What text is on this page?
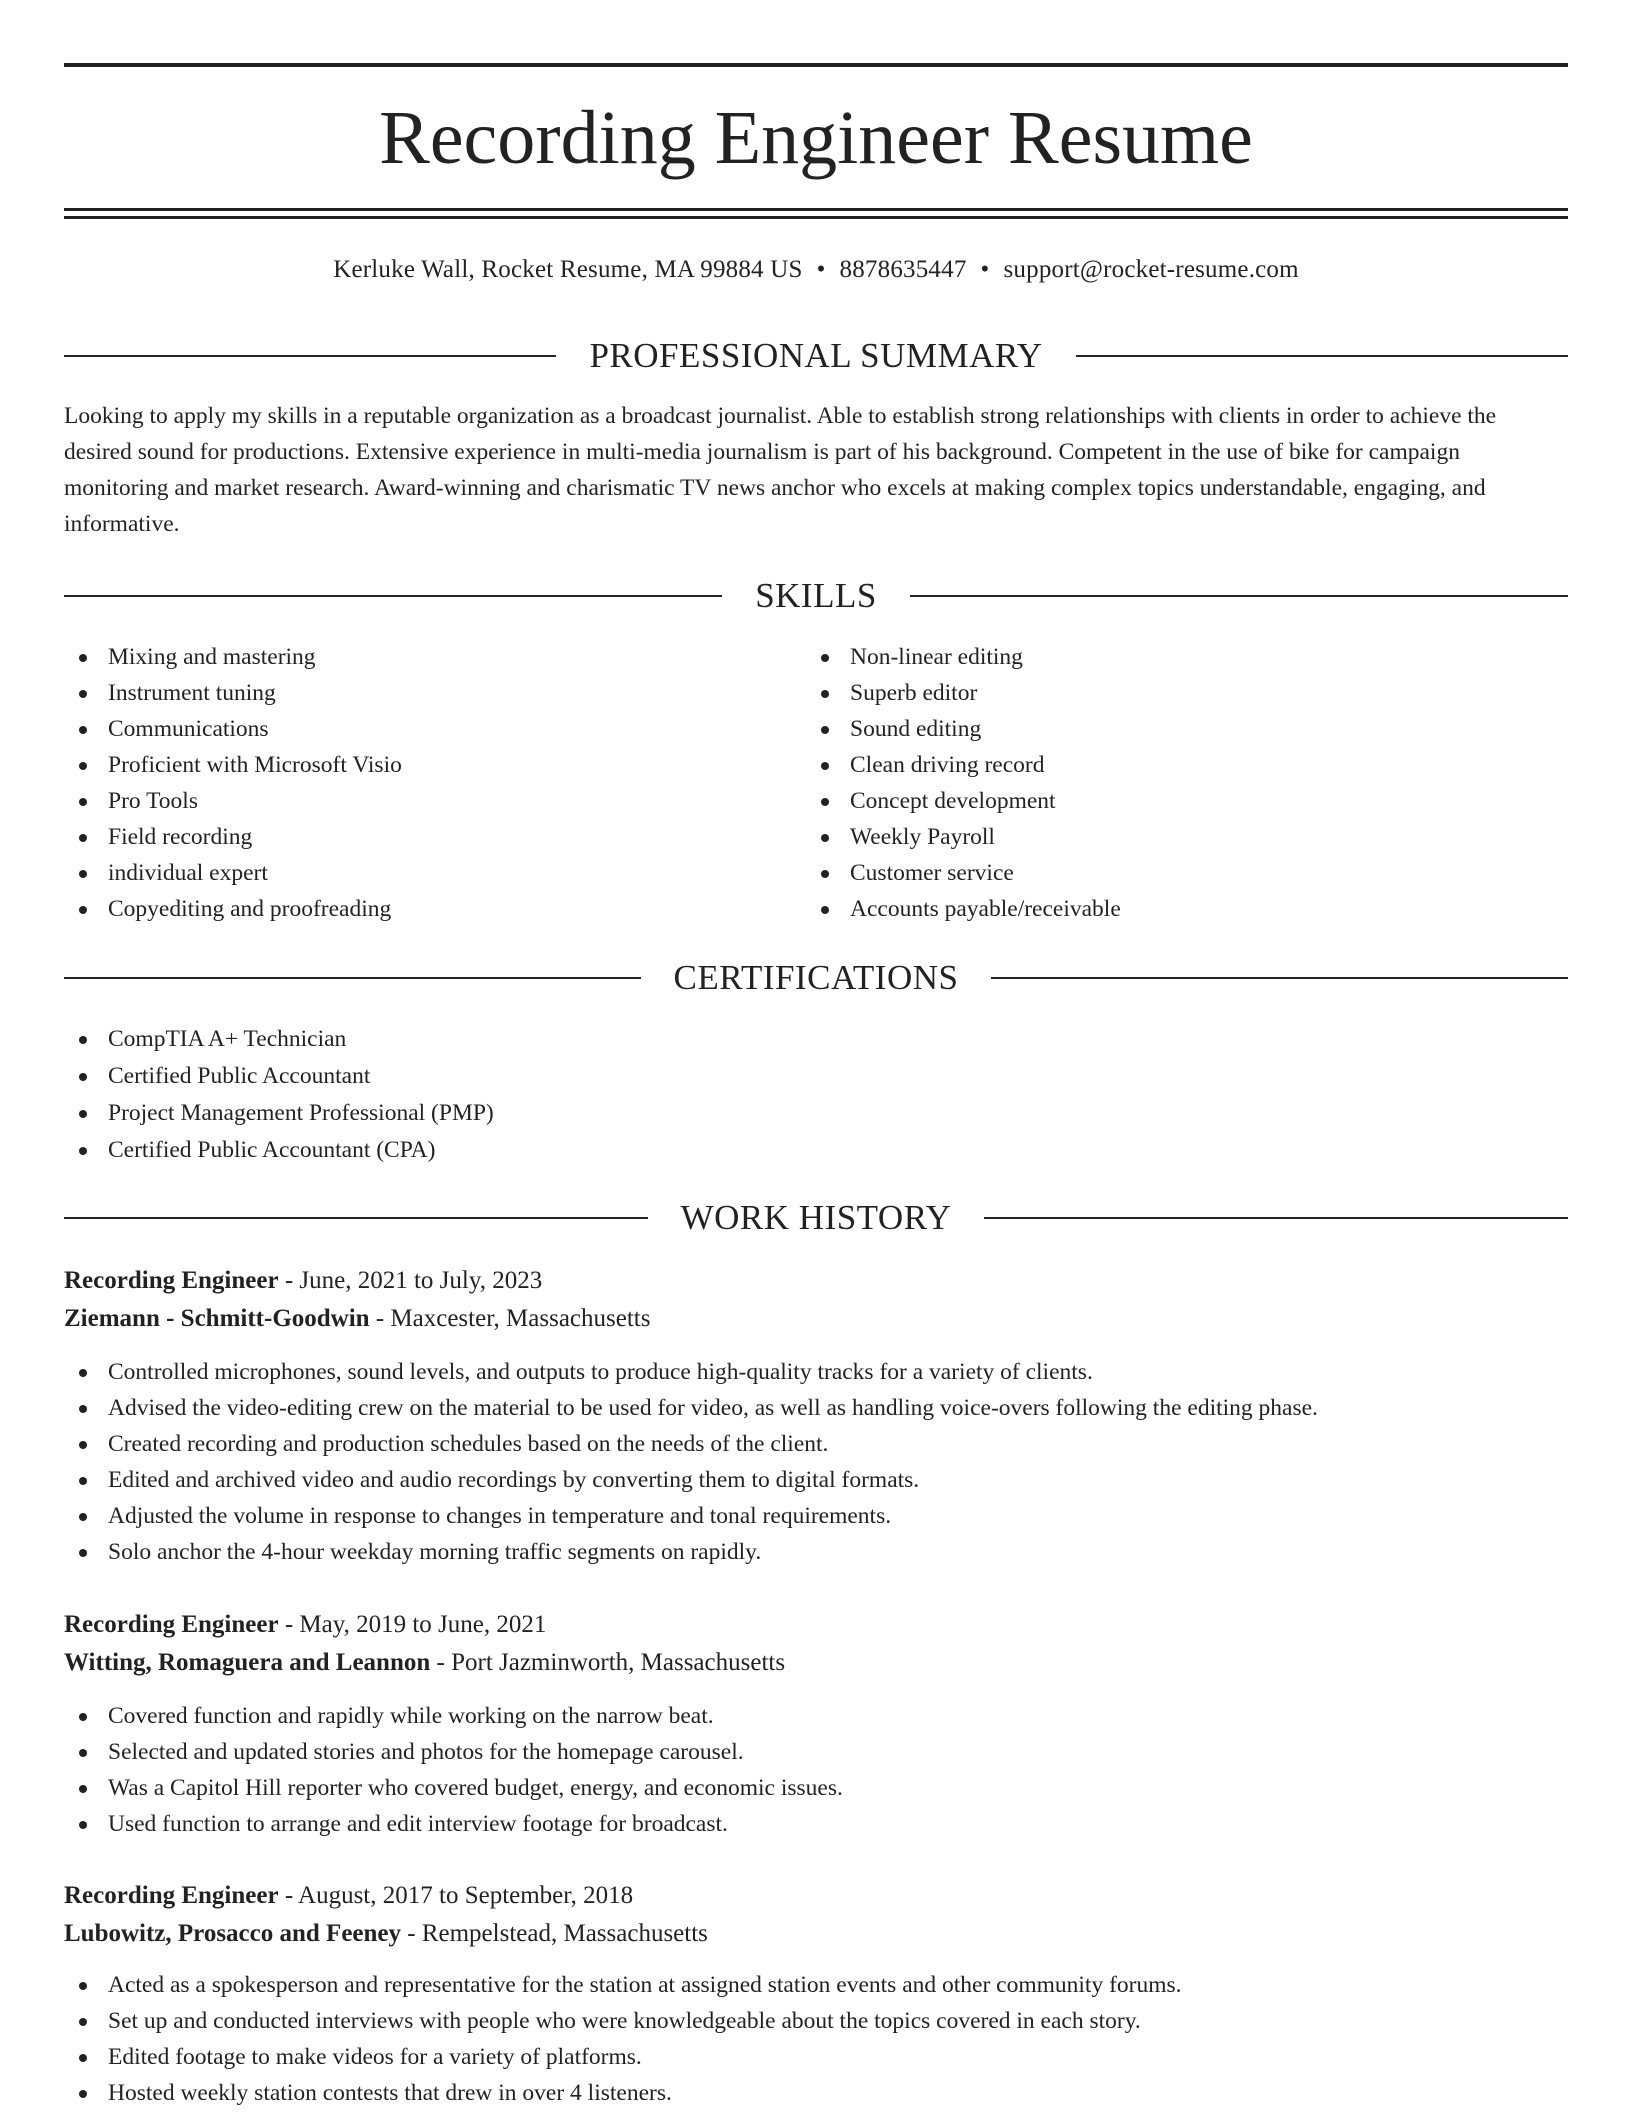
Recording Engineer Resume
Kerluke Wall, Rocket Resume, MA 99884 US • 8878635447 • support@rocket-resume.com
PROFESSIONAL SUMMARY

Looking to apply my skills in a reputable organization as a broadcast journalist. Able to establish strong relationships with clients in order to achieve the desired sound for productions. Extensive experience in multi-media journalism is part of his background. Competent in the use of bike for campaign monitoring and market research. Award-winning and charismatic TV news anchor who excels at making complex topics understandable, engaging, and informative.

SKILLS
Mixing and mastering
Instrument tuning
Communications
Proficient with Microsoft Visio
Pro Tools
Field recording
individual expert
Copyediting and proofreading
Non-linear editing
Superb editor
Sound editing
Clean driving record
Concept development
Weekly Payroll
Customer service
Accounts payable/receivable
CERTIFICATIONS
CompTIA A+ Technician
Certified Public Accountant
Project Management Professional (PMP)
Certified Public Accountant (CPA)
WORK HISTORY
Recording Engineer - June, 2021 to July, 2023
Ziemann - Schmitt-Goodwin - Maxcester, Massachusetts
Controlled microphones, sound levels, and outputs to produce high-quality tracks for a variety of clients.
Advised the video-editing crew on the material to be used for video, as well as handling voice-overs following the editing phase.
Created recording and production schedules based on the needs of the client.
Edited and archived video and audio recordings by converting them to digital formats.
Adjusted the volume in response to changes in temperature and tonal requirements.
Solo anchor the 4-hour weekday morning traffic segments on rapidly.
Recording Engineer - May, 2019 to June, 2021
Witting, Romaguera and Leannon - Port Jazminworth, Massachusetts
Covered function and rapidly while working on the narrow beat.
Selected and updated stories and photos for the homepage carousel.
Was a Capitol Hill reporter who covered budget, energy, and economic issues.
Used function to arrange and edit interview footage for broadcast.
Recording Engineer - August, 2017 to September, 2018
Lubowitz, Prosacco and Feeney - Rempelstead, Massachusetts
Acted as a spokesperson and representative for the station at assigned station events and other community forums.
Set up and conducted interviews with people who were knowledgeable about the topics covered in each story.
Edited footage to make videos for a variety of platforms.
Hosted weekly station contests that drew in over 4 listeners.
